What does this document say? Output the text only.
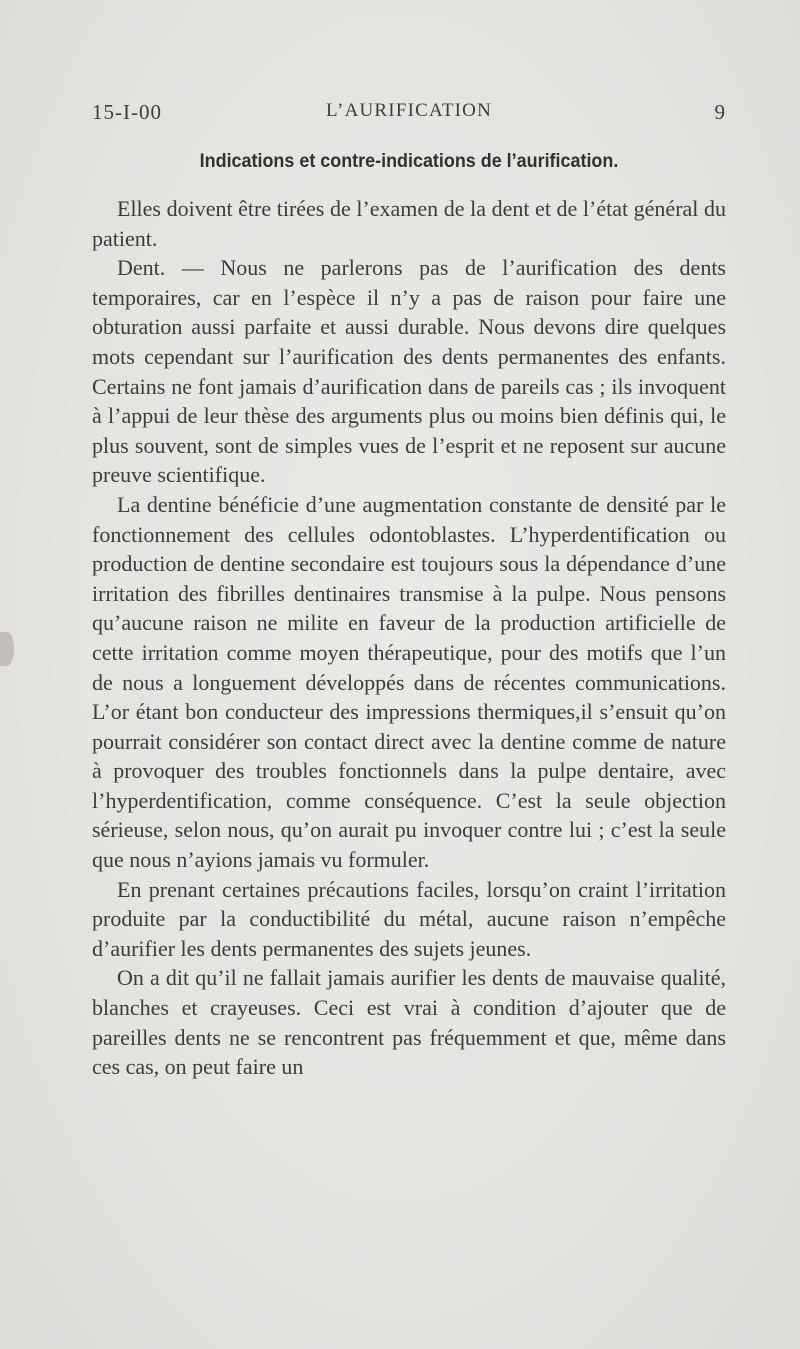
15-I-00	L’AURIFICATION	9
Indications et contre-indications de l’aurification.

Elles doivent être tirées de l’examen de la dent et de l’état général du patient.

Dent. — Nous ne parlerons pas de l’aurification des dents temporaires, car en l’espèce il n’y a pas de raison pour faire une obturation aussi parfaite et aussi durable. Nous devons dire quelques mots cependant sur l’aurification des dents permanentes des enfants. Certains ne font jamais d’aurification dans de pareils cas ; ils invoquent à l’appui de leur thèse des arguments plus ou moins bien définis qui, le plus souvent, sont de simples vues de l’esprit et ne reposent sur aucune preuve scientifique.

La dentine bénéficie d’une augmentation constante de densité par le fonctionnement des cellules odontoblastes. L’hyperdentification ou production de dentine secondaire est toujours sous la dépendance d’une irritation des fibrilles dentinaires transmise à la pulpe. Nous pensons qu’aucune raison ne milite en faveur de la production artificielle de cette irritation comme moyen thérapeutique, pour des motifs que l’un de nous a longuement développés dans de récentes communications. L’or étant bon conducteur des impressions thermiques,il s’ensuit qu’on pourrait considérer son contact direct avec la dentine comme de nature à provoquer des troubles fonctionnels dans la pulpe dentaire, avec l’hyperdentification, comme conséquence. C’est la seule objection sérieuse, selon nous, qu’on aurait pu invoquer contre lui ; c’est la seule que nous n’ayions jamais vu formuler.

En prenant certaines précautions faciles, lorsqu’on craint l’irritation produite par la conductibilité du métal, aucune raison n’empêche d’aurifier les dents permanentes des sujets jeunes.

On a dit qu’il ne fallait jamais aurifier les dents de mauvaise qualité, blanches et crayeuses. Ceci est vrai à condition d’ajouter que de pareilles dents ne se rencontrent pas fréquemment et que, même dans ces cas, on peut faire un
